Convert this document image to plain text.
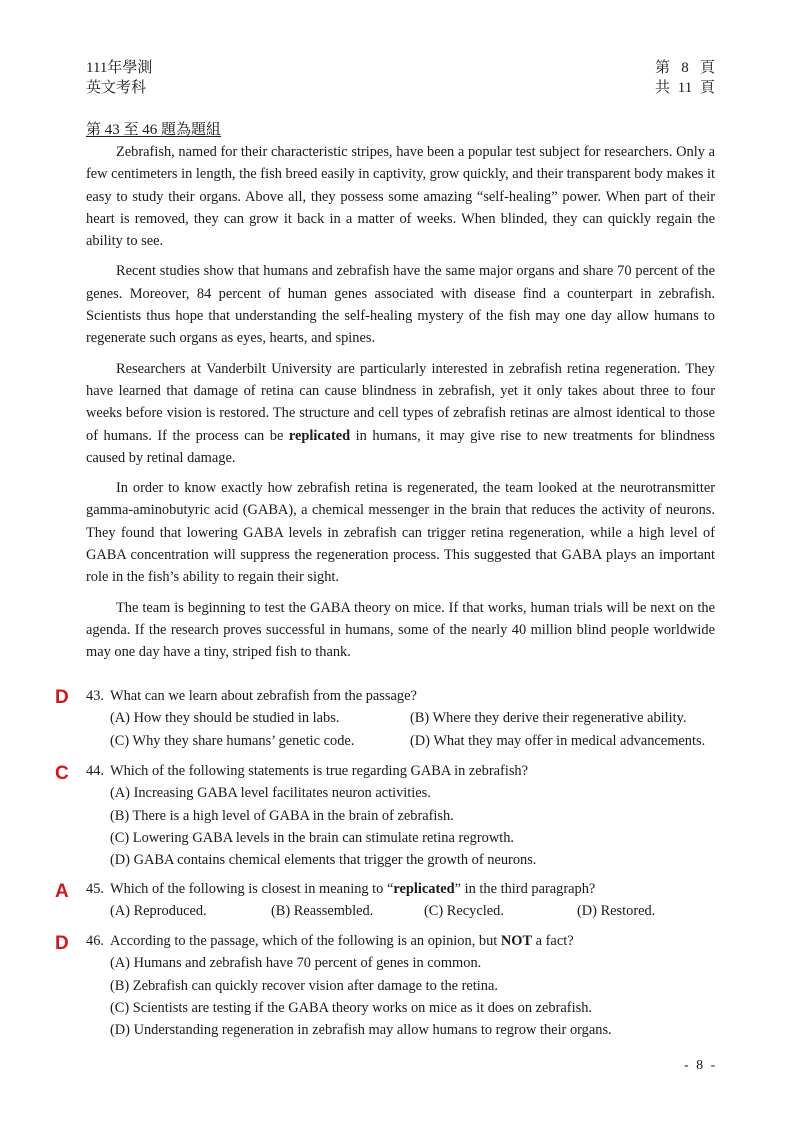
111年學測
英文考科
第 8 頁
共 11 頁
第 43 至 46 題為題組

Zebrafish, named for their characteristic stripes, have been a popular test subject for researchers. Only a few centimeters in length, the fish breed easily in captivity, grow quickly, and their transparent body makes it easy to study their organs. Above all, they possess some amazing “self-healing” power. When part of their heart is removed, they can grow it back in a matter of weeks. When blinded, they can quickly regain the ability to see.

Recent studies show that humans and zebrafish have the same major organs and share 70 percent of the genes. Moreover, 84 percent of human genes associated with disease find a counterpart in zebrafish. Scientists thus hope that understanding the self-healing mystery of the fish may one day allow humans to regenerate such organs as eyes, hearts, and spines.

Researchers at Vanderbilt University are particularly interested in zebrafish retina regeneration. They have learned that damage of retina can cause blindness in zebrafish, yet it only takes about three to four weeks before vision is restored. The structure and cell types of zebrafish retinas are almost identical to those of humans. If the process can be replicated in humans, it may give rise to new treatments for blindness caused by retinal damage.

In order to know exactly how zebrafish retina is regenerated, the team looked at the neurotransmitter gamma-aminobutyric acid (GABA), a chemical messenger in the brain that reduces the activity of neurons. They found that lowering GABA levels in zebrafish can trigger retina regeneration, while a high level of GABA concentration will suppress the regeneration process. This suggested that GABA plays an important role in the fish’s ability to regain their sight.

The team is beginning to test the GABA theory on mice. If that works, human trials will be next on the agenda. If the research proves successful in humans, some of the nearly 40 million blind people worldwide may one day have a tiny, striped fish to thank.

D 43. What can we learn about zebrafish from the passage?
(A) How they should be studied in labs.	(B) Where they derive their regenerative ability.
(C) Why they share humans’ genetic code.	(D) What they may offer in medical advancements.
C 44. Which of the following statements is true regarding GABA in zebrafish?
(A) Increasing GABA level facilitates neuron activities.
(B) There is a high level of GABA in the brain of zebrafish.
(C) Lowering GABA levels in the brain can stimulate retina regrowth.
(D) GABA contains chemical elements that trigger the growth of neurons.
A 45. Which of the following is closest in meaning to “replicated” in the third paragraph?
(A) Reproduced.	(B) Reassembled.	(C) Recycled.	(D) Restored.
D 46. According to the passage, which of the following is an opinion, but NOT a fact?
(A) Humans and zebrafish have 70 percent of genes in common.
(B) Zebrafish can quickly recover vision after damage to the retina.
(C) Scientists are testing if the GABA theory works on mice as it does on zebrafish.
(D) Understanding regeneration in zebrafish may allow humans to regrow their organs.
- 8 -
